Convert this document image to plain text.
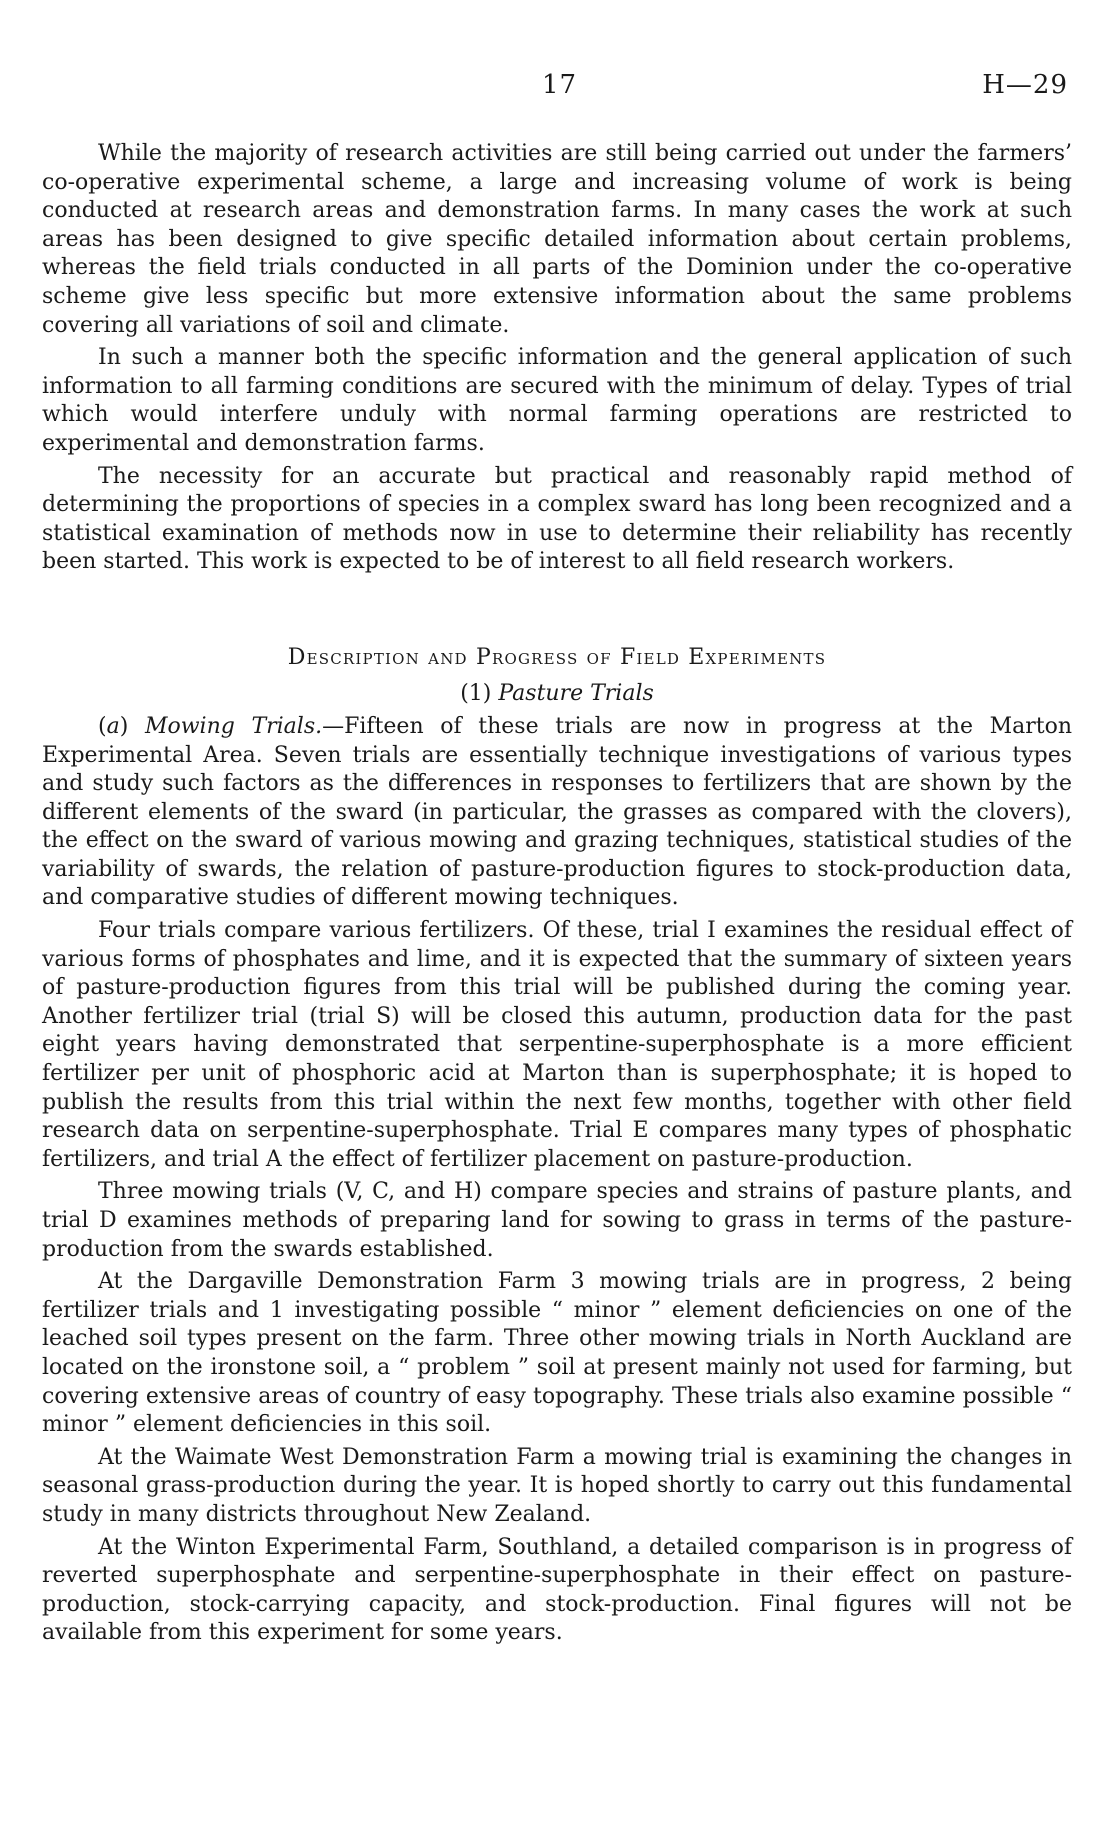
17	H—29

While the majority of research activities are still being carried out under the farmers’ co-operative experimental scheme, a large and increasing volume of work is being conducted at research areas and demonstration farms. In many cases the work at such areas has been designed to give specific detailed information about certain problems, whereas the field trials conducted in all parts of the Dominion under the co-operative scheme give less specific but more extensive information about the same problems covering all variations of soil and climate.

In such a manner both the specific information and the general application of such information to all farming conditions are secured with the minimum of delay. Types of trial which would interfere unduly with normal farming operations are restricted to experimental and demonstration farms.

The necessity for an accurate but practical and reasonably rapid method of determining the proportions of species in a complex sward has long been recognized and a statistical examination of methods now in use to determine their reliability has recently been started. This work is expected to be of interest to all field research workers.

Description and Progress of Field Experiments
(1) Pasture Trials

(a) Mowing Trials.—Fifteen of these trials are now in progress at the Marton Experimental Area. Seven trials are essentially technique investigations of various types and study such factors as the differences in responses to fertilizers that are shown by the different elements of the sward (in particular, the grasses as compared with the clovers), the effect on the sward of various mowing and grazing techniques, statistical studies of the variability of swards, the relation of pasture-production figures to stock-production data, and comparative studies of different mowing techniques.

Four trials compare various fertilizers. Of these, trial I examines the residual effect of various forms of phosphates and lime, and it is expected that the summary of sixteen years of pasture-production figures from this trial will be published during the coming year. Another fertilizer trial (trial S) will be closed this autumn, production data for the past eight years having demonstrated that serpentine-superphosphate is a more efficient fertilizer per unit of phosphoric acid at Marton than is superphosphate; it is hoped to publish the results from this trial within the next few months, together with other field research data on serpentine-superphosphate. Trial E compares many types of phosphatic fertilizers, and trial A the effect of fertilizer placement on pasture-production.

Three mowing trials (V, C, and H) compare species and strains of pasture plants, and trial D examines methods of preparing land for sowing to grass in terms of the pasture-production from the swards established.

At the Dargaville Demonstration Farm 3 mowing trials are in progress, 2 being fertilizer trials and 1 investigating possible “ minor ” element deficiencies on one of the leached soil types present on the farm. Three other mowing trials in North Auckland are located on the ironstone soil, a “ problem ” soil at present mainly not used for farming, but covering extensive areas of country of easy topography. These trials also examine possible “ minor ” element deficiencies in this soil.

At the Waimate West Demonstration Farm a mowing trial is examining the changes in seasonal grass-production during the year. It is hoped shortly to carry out this fundamental study in many districts throughout New Zealand.

At the Winton Experimental Farm, Southland, a detailed comparison is in progress of reverted superphosphate and serpentine-superphosphate in their effect on pasture-production, stock-carrying capacity, and stock-production. Final figures will not be available from this experiment for some years.
